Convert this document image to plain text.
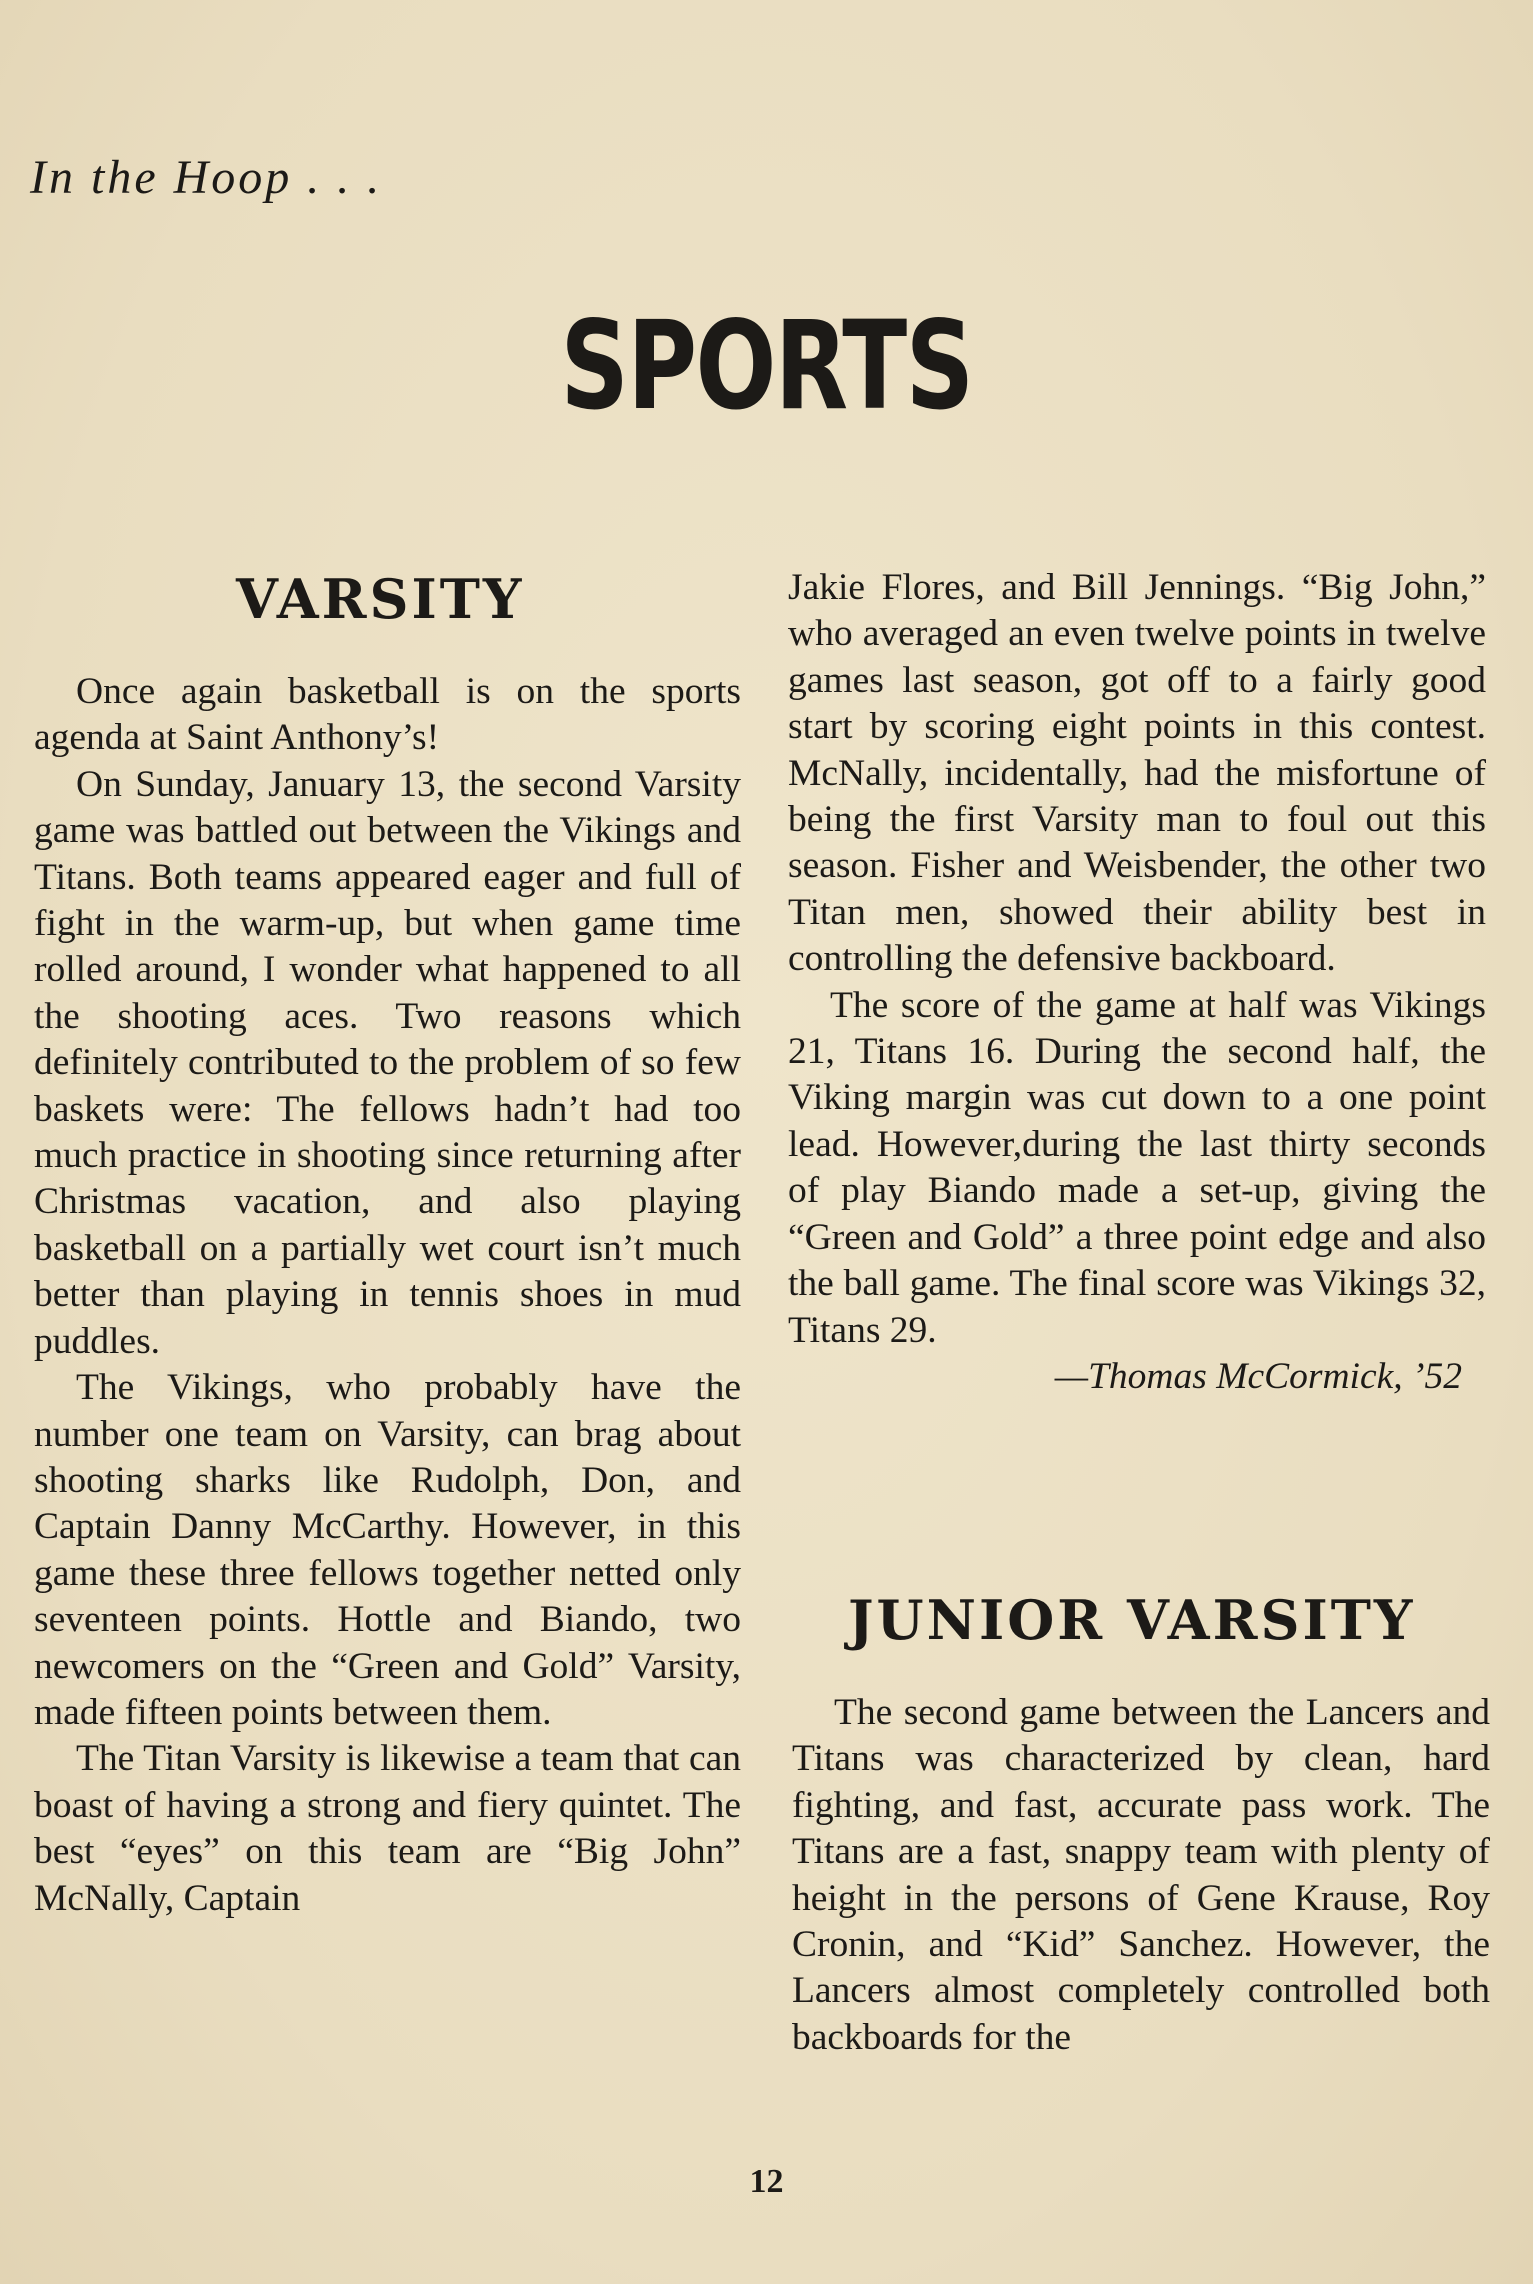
In the Hoop . . .
SPORTS
VARSITY

Once again basketball is on the sports agenda at Saint Anthony’s!

On Sunday, January 13, the second Varsity game was battled out between the Vikings and Titans. Both teams appeared eager and full of fight in the warm-up, but when game time rolled around, I wonder what happened to all the shooting aces. Two reasons which definitely contributed to the problem of so few baskets were: The fellows hadn’t had too much practice in shooting since returning after Christmas vacation, and also playing basketball on a partially wet court isn’t much better than playing in tennis shoes in mud puddles.

The Vikings, who probably have the number one team on Varsity, can brag about shooting sharks like Rudolph, Don, and Captain Danny McCarthy. However, in this game these three fellows together netted only seventeen points. Hottle and Biando, two newcomers on the “Green and Gold” Varsity, made fifteen points between them.

The Titan Varsity is likewise a team that can boast of having a strong and fiery quintet. The best “eyes” on this team are “Big John” McNally, Captain

Jakie Flores, and Bill Jennings. “Big John,” who averaged an even twelve points in twelve games last season, got off to a fairly good start by scoring eight points in this contest. McNally, incidentally, had the misfortune of being the first Varsity man to foul out this season. Fisher and Weisbender, the other two Titan men, showed their ability best in controlling the defensive backboard.

The score of the game at half was Vikings 21, Titans 16. During the second half, the Viking margin was cut down to a one point lead. However,during the last thirty seconds of play Biando made a set-up, giving the “Green and Gold” a three point edge and also the ball game. The final score was Vikings 32, Titans 29.

—Thomas McCormick, ’52
JUNIOR VARSITY

The second game between the Lancers and Titans was characterized by clean, hard fighting, and fast, accurate pass work. The Titans are a fast, snappy team with plenty of height in the persons of Gene Krause, Roy Cronin, and “Kid” Sanchez. However, the Lancers almost completely controlled both backboards for the

12
